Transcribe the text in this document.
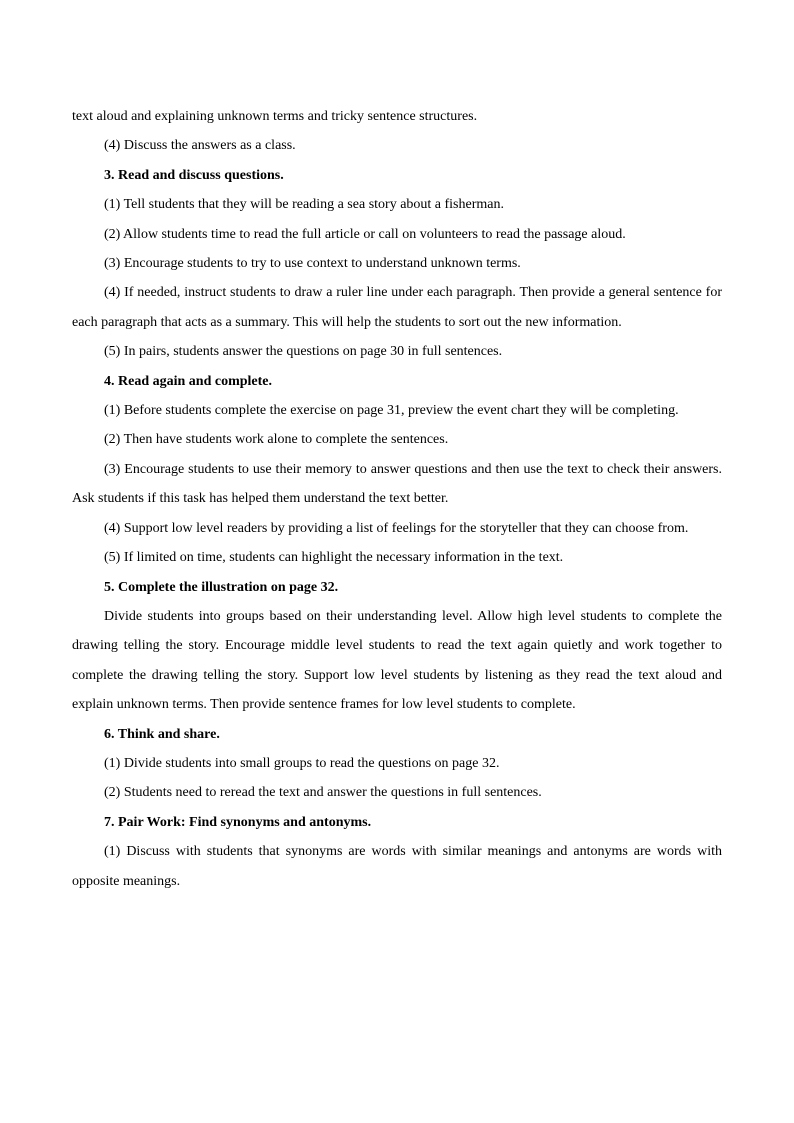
text aloud and explaining unknown terms and tricky sentence structures.

(4) Discuss the answers as a class.

3. Read and discuss questions.

(1) Tell students that they will be reading a sea story about a fisherman.

(2) Allow students time to read the full article or call on volunteers to read the passage aloud.

(3) Encourage students to try to use context to understand unknown terms.

(4) If needed, instruct students to draw a ruler line under each paragraph. Then provide a general sentence for each paragraph that acts as a summary. This will help the students to sort out the new information.

(5) In pairs, students answer the questions on page 30 in full sentences.

4. Read again and complete.

(1) Before students complete the exercise on page 31, preview the event chart they will be completing.

(2) Then have students work alone to complete the sentences.

(3) Encourage students to use their memory to answer questions and then use the text to check their answers. Ask students if this task has helped them understand the text better.

(4) Support low level readers by providing a list of feelings for the storyteller that they can choose from.

(5) If limited on time, students can highlight the necessary information in the text.

5. Complete the illustration on page 32.

Divide students into groups based on their understanding level. Allow high level students to complete the drawing telling the story. Encourage middle level students to read the text again quietly and work together to complete the drawing telling the story. Support low level students by listening as they read the text aloud and explain unknown terms. Then provide sentence frames for low level students to complete.

6. Think and share.

(1) Divide students into small groups to read the questions on page 32.

(2) Students need to reread the text and answer the questions in full sentences.

7. Pair Work: Find synonyms and antonyms.

(1) Discuss with students that synonyms are words with similar meanings and antonyms are words with opposite meanings.
